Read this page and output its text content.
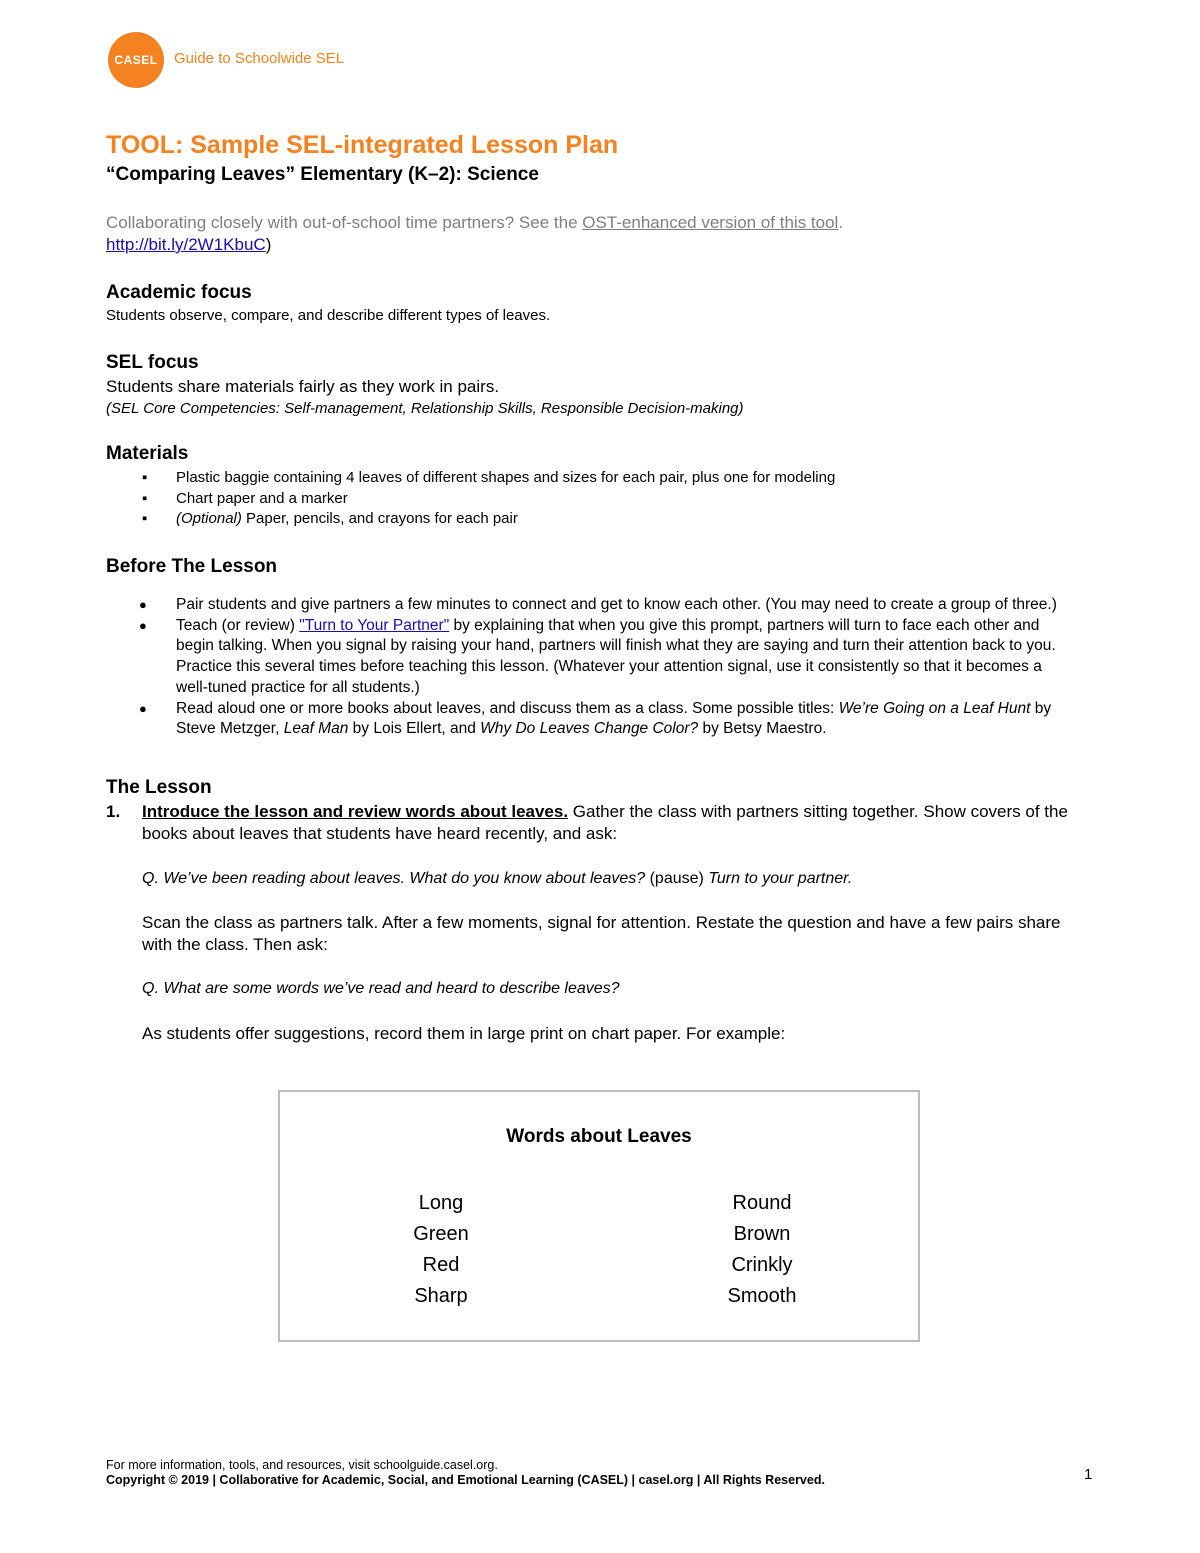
CASEL Guide to Schoolwide SEL
TOOL: Sample SEL-integrated Lesson Plan
“Comparing Leaves” Elementary (K–2): Science
Collaborating closely with out-of-school time partners? See the OST-enhanced version of this tool.
http://bit.ly/2W1KbuC)
Academic focus
Students observe, compare, and describe different types of leaves.
SEL focus
Students share materials fairly as they work in pairs.
(SEL Core Competencies: Self-management, Relationship Skills, Responsible Decision-making)
Materials
▪ Plastic baggie containing 4 leaves of different shapes and sizes for each pair, plus one for modeling
▪ Chart paper and a marker
▪ (Optional) Paper, pencils, and crayons for each pair
Before The Lesson
● Pair students and give partners a few minutes to connect and get to know each other. (You may need to create a group of three.)
● Teach (or review) "Turn to Your Partner" by explaining that when you give this prompt, partners will turn to face each other and begin talking. When you signal by raising your hand, partners will finish what they are saying and turn their attention back to you. Practice this several times before teaching this lesson. (Whatever your attention signal, use it consistently so that it becomes a well-tuned practice for all students.)
● Read aloud one or more books about leaves, and discuss them as a class. Some possible titles: We’re Going on a Leaf Hunt by Steve Metzger, Leaf Man by Lois Ellert, and Why Do Leaves Change Color? by Betsy Maestro.
The Lesson
1. Introduce the lesson and review words about leaves. Gather the class with partners sitting together. Show covers of the books about leaves that students have heard recently, and ask:
Q. We’ve been reading about leaves. What do you know about leaves? (pause) Turn to your partner.
Scan the class as partners talk. After a few moments, signal for attention. Restate the question and have a few pairs share with the class. Then ask:
Q. What are some words we’ve read and heard to describe leaves?
As students offer suggestions, record them in large print on chart paper. For example:
Words about Leaves
Long
Green
Red
Sharp
Round
Brown
Crinkly
Smooth
For more information, tools, and resources, visit schoolguide.casel.org.
Copyright © 2019 | Collaborative for Academic, Social, and Emotional Learning (CASEL) | casel.org | All Rights Reserved.	1
